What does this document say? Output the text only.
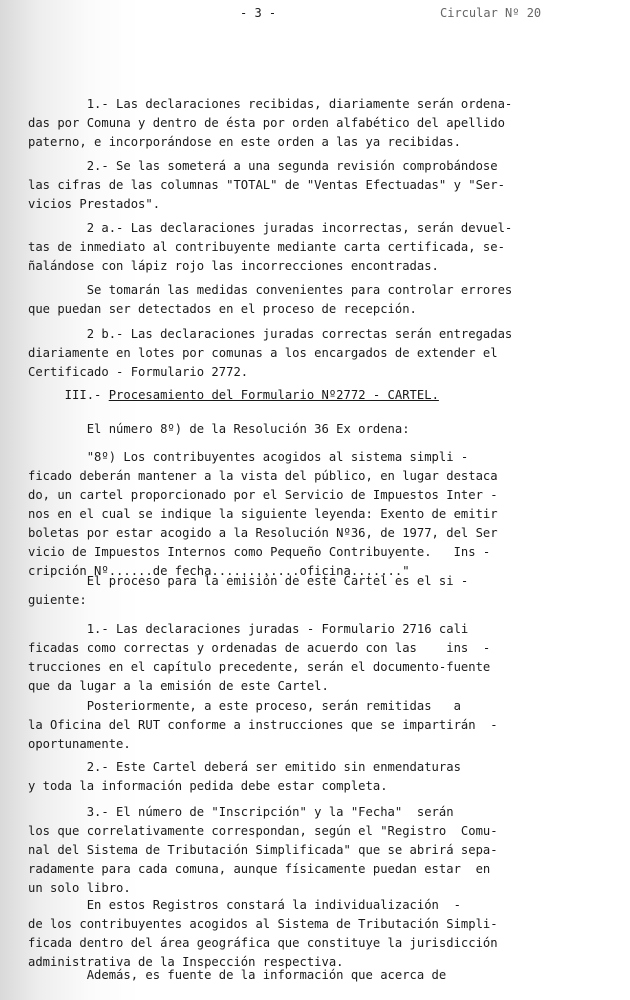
- 3 -	Circular Nº 20

1.- Las declaraciones recibidas, diariamente serán ordena-
das por Comuna y dentro de ésta por orden alfabético del apellido
paterno, e incorporándose en este orden a las ya recibidas.

2.- Se las someterá a una segunda revisión comprobándose
las cifras de las columnas "TOTAL" de "Ventas Efectuadas" y "Ser-
vicios Prestados".

2 a.- Las declaraciones juradas incorrectas, serán devuel-
tas de inmediato al contribuyente mediante carta certificada, se-
ñalándose con lápiz rojo las incorrecciones encontradas.

Se tomarán las medidas convenientes para controlar errores
que puedan ser detectados en el proceso de recepción.

2 b.- Las declaraciones juradas correctas serán entregadas
diariamente en lotes por comunas a los encargados de extender el
Certificado - Formulario 2772.

III.- Procesamiento del Formulario Nº2772 - CARTEL.

El número 8º) de la Resolución 36 Ex ordena:

"8º) Los contribuyentes acogidos al sistema simpli -
ficado deberán mantener a la vista del público, en lugar destaca
do, un cartel proporcionado por el Servicio de Impuestos Inter -
nos en el cual se indique la siguiente leyenda: Exento de emitir
boletas por estar acogido a la Resolución Nº36, de 1977, del Ser
vicio de Impuestos Internos como Pequeño Contribuyente.   Ins -
cripción Nº......de fecha............oficina......."

El proceso para la emisión de este Cartel es el si -
guiente:

1.- Las declaraciones juradas - Formulario 2716 cali
ficadas como correctas y ordenadas de acuerdo con las    ins  -
trucciones en el capítulo precedente, serán el documento-fuente
que da lugar a la emisión de este Cartel.

Posteriormente, a este proceso, serán remitidas   a
la Oficina del RUT conforme a instrucciones que se impartirán  -
oportunamente.

2.- Este Cartel deberá ser emitido sin enmendaturas
y toda la información pedida debe estar completa.

3.- El número de "Inscripción" y la "Fecha"  serán
los que correlativamente correspondan, según el "Registro  Comu-
nal del Sistema de Tributación Simplificada" que se abrirá sepa-
radamente para cada comuna, aunque físicamente puedan estar  en
un solo libro.

En estos Registros constará la individualización  -
de los contribuyentes acogidos al Sistema de Tributación Simpli-
ficada dentro del área geográfica que constituye la jurisdicción
administrativa de la Inspección respectiva.

Además, es fuente de la información que acerca de
